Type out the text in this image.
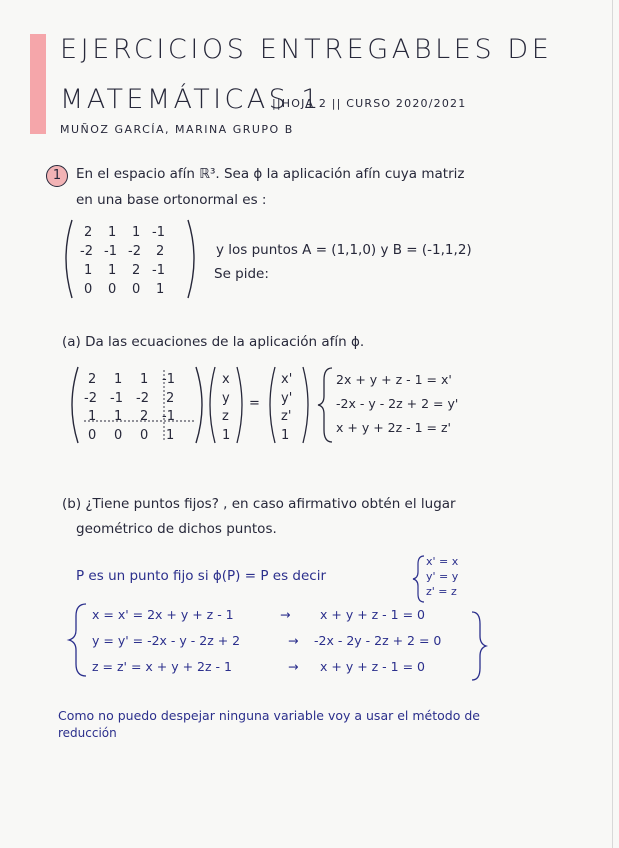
EJERCICIOS ENTREGABLES DE
MATEMÁTICAS 1
||HOJA 2 || CURSO 2020/2021
MUÑOZ GARCÍA, MARINA GRUPO B
1	En el espacio afín ℝ³. Sea ϕ la aplicación afín cuya matriz
en una base ortonormal es :
2 1 1 -1
-2 -1 -2 2
1 1 2 -1
0 0 0 1
y los puntos A = (1,1,0) y B = (-1,1,2)
Se pide:
(a) Da las ecuaciones de la aplicación afín ϕ.
2 1 1 -1
-2 -1 -2 2
1 1 2 -1
0 0 0 1
x
y
z
1
=
x'
y'
z'
1
2x + y + z - 1 = x'
-2x - y - 2z + 2 = y'
x + y + 2z - 1 = z'
(b) ¿Tiene puntos fijos? , en caso afirmativo obtén el lugar
geométrico de dichos puntos.
P es un punto fijo si ϕ(P) = P es decir
x' = x
y' = y
z' = z
x = x' = 2x + y + z - 1
y = y' = -2x - y - 2z + 2
z = z' = x + y + 2z - 1
→
→
→
x + y + z - 1 = 0
-2x - 2y - 2z + 2 = 0
x + y + z - 1 = 0
Como no puedo despejar ninguna variable voy a usar el método de
reducción
